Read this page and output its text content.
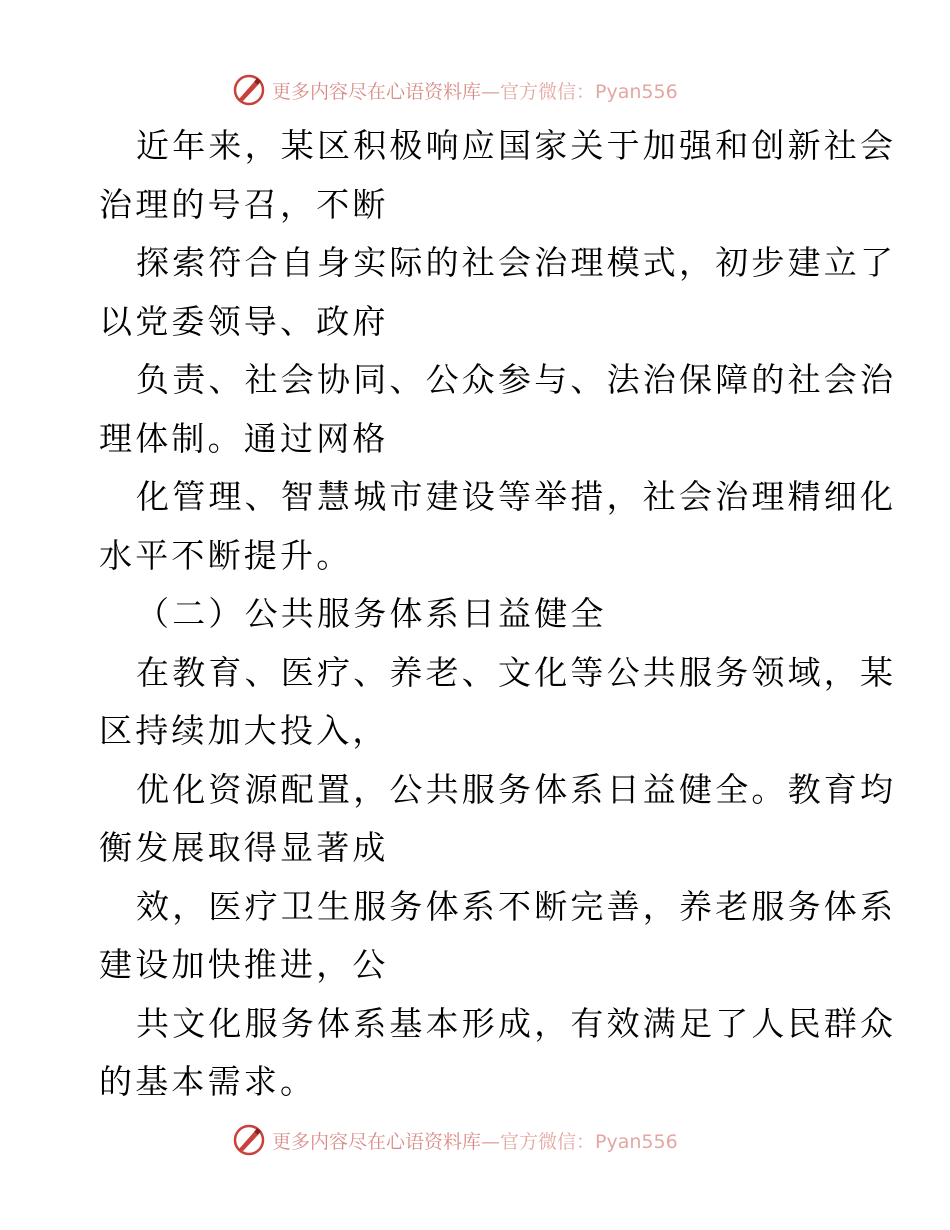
更多内容尽在心语资料库 —官方微信：Pyan556

近年来，某区积极响应国家关于加强和创新社会

治理的号召，不断

探索符合自身实际的社会治理模式，初步建立了

以党委领导、政府

负责、社会协同、公众参与、法治保障的社会治

理体制。通过网格

化管理、智慧城市建设等举措，社会治理精细化

水平不断提升。

（二）公共服务体系日益健全

在教育、医疗、养老、文化等公共服务领域，某

区持续加大投入，

优化资源配置，公共服务体系日益健全。教育均

衡发展取得显著成

效，医疗卫生服务体系不断完善，养老服务体系

建设加快推进，公

共文化服务体系基本形成，有效满足了人民群众

的基本需求。

更多内容尽在心语资料库 —官方微信：Pyan556
